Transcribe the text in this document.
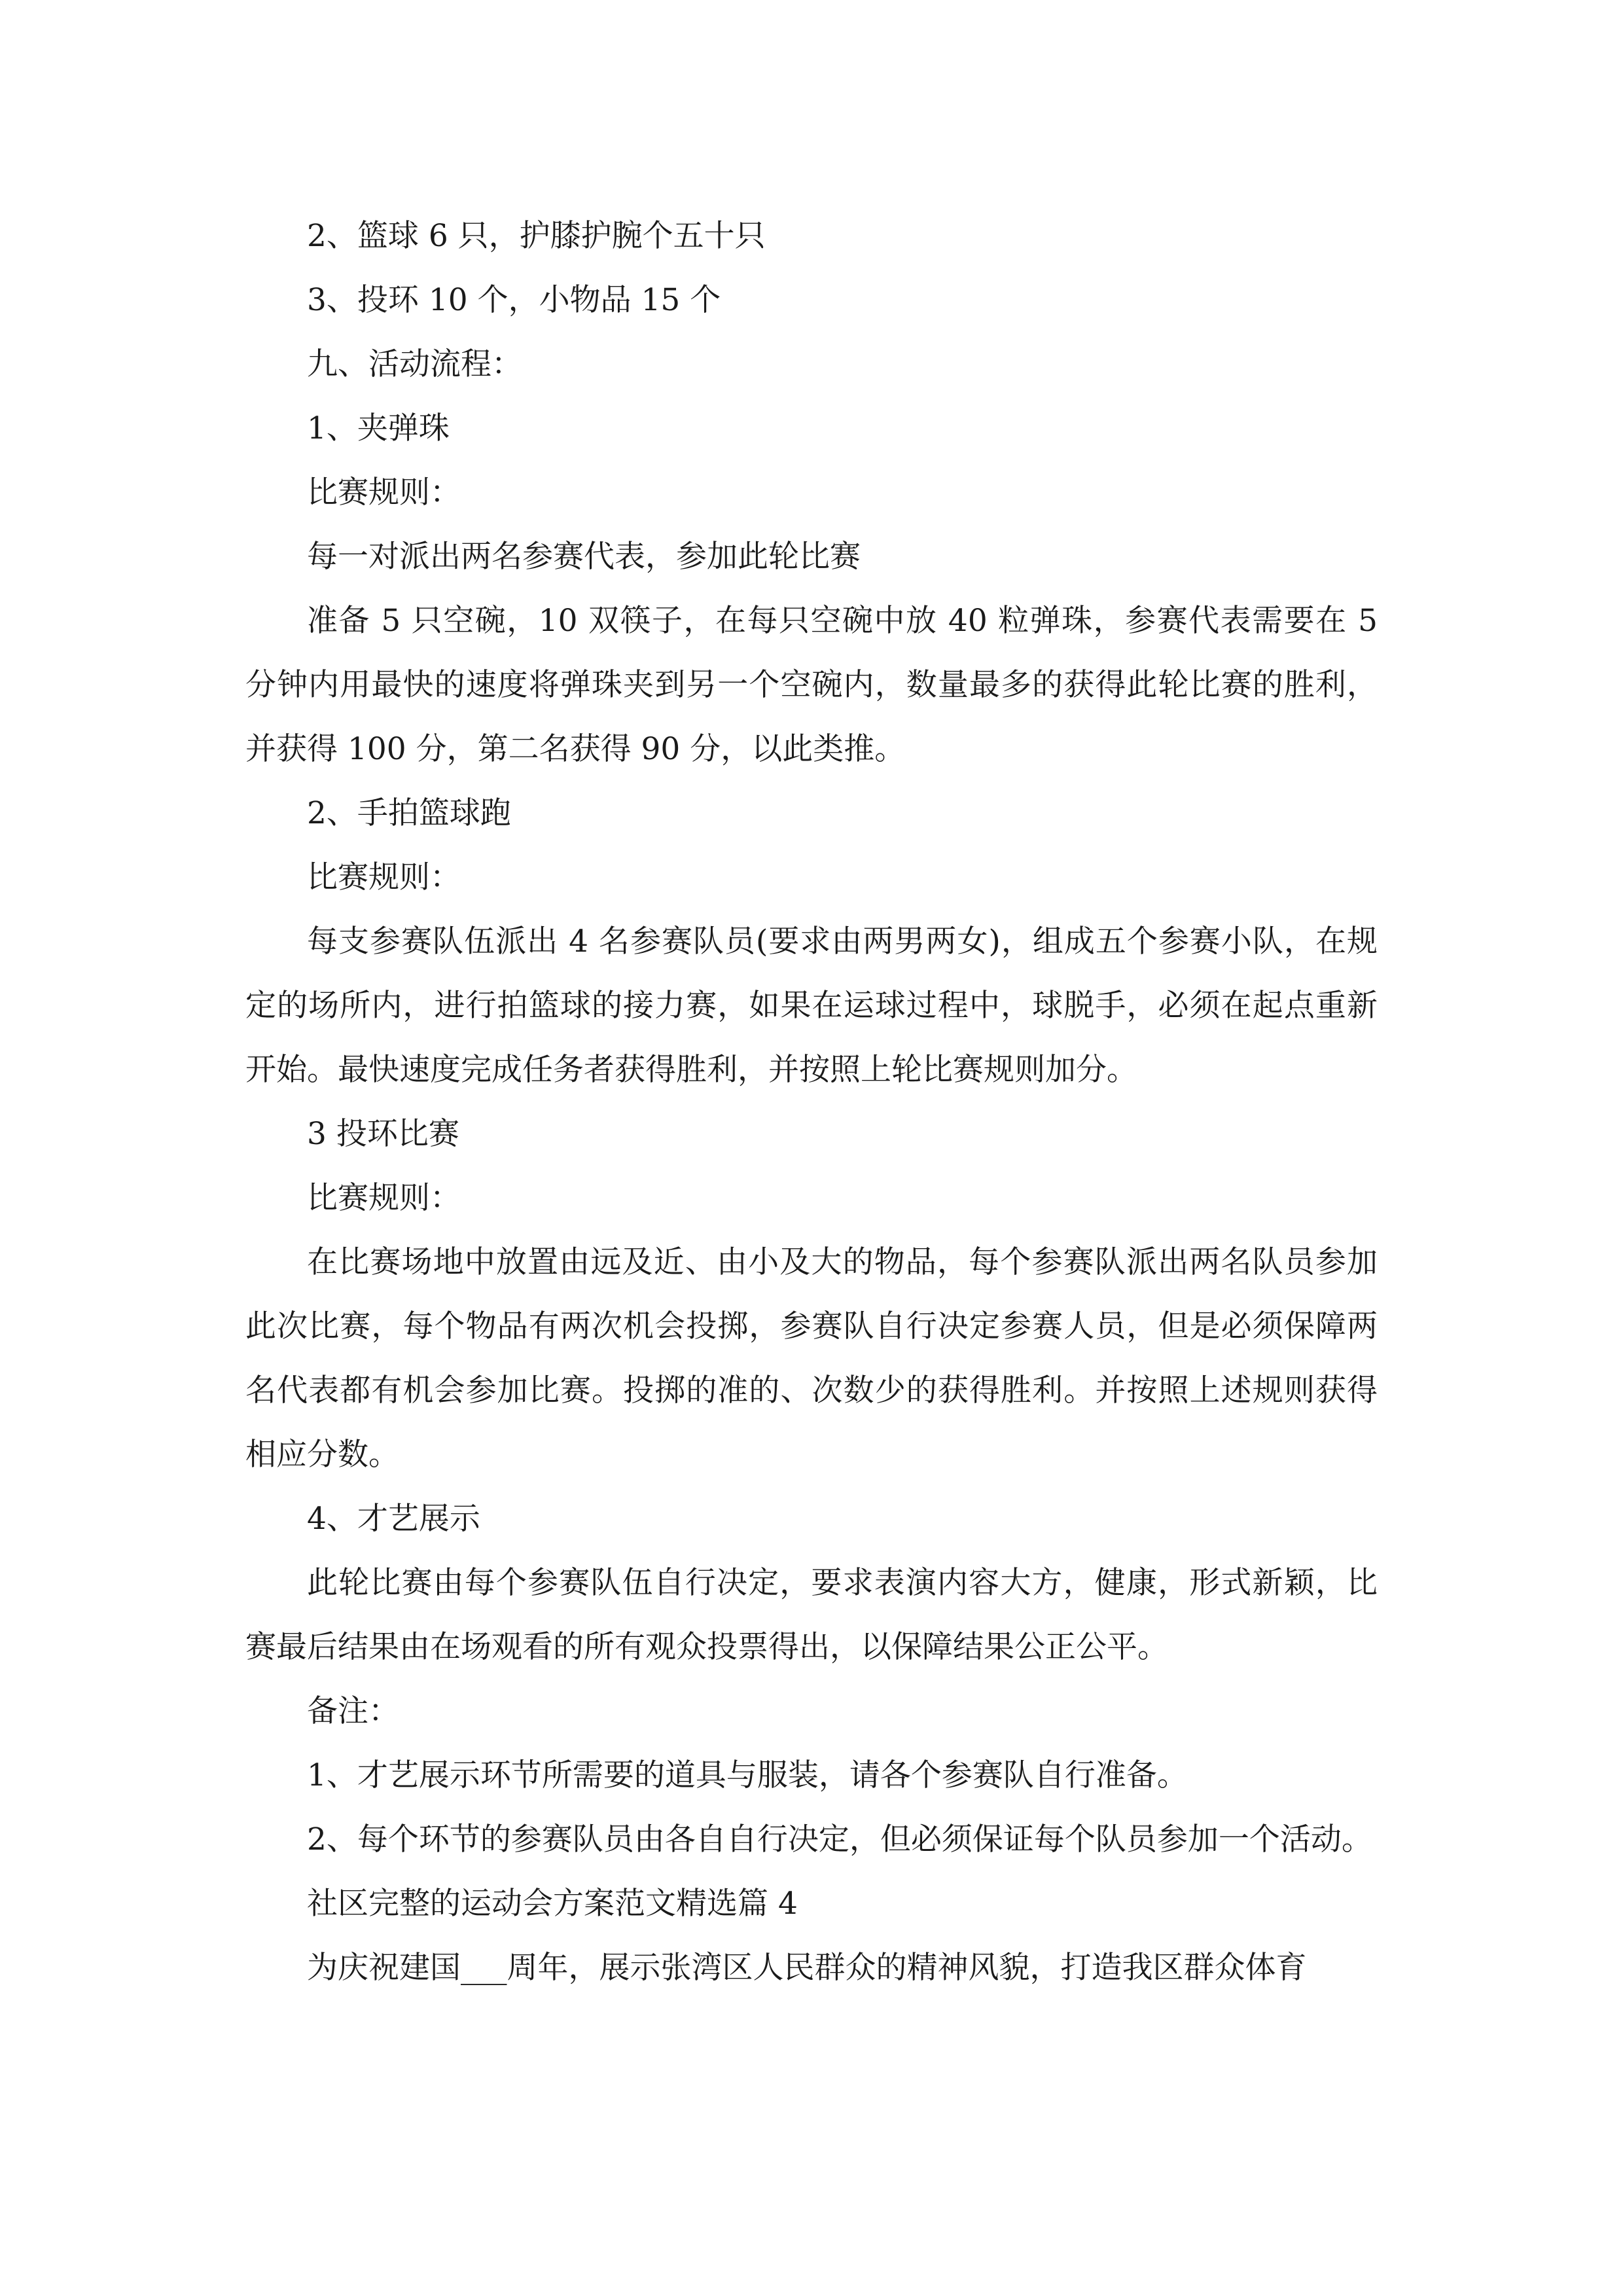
2、篮球 6 只，护膝护腕个五十只

3、投环 10 个，小物品 15 个

九、活动流程：

1、夹弹珠

比赛规则：

每一对派出两名参赛代表，参加此轮比赛

准备 5 只空碗，10 双筷子，在每只空碗中放 40 粒弹珠，参赛代表需要在 5 分钟内用最快的速度将弹珠夹到另一个空碗内，数量最多的获得此轮比赛的胜利，并获得 100 分，第二名获得 90 分，以此类推。

2、手拍篮球跑

比赛规则：

每支参赛队伍派出 4 名参赛队员(要求由两男两女)，组成五个参赛小队，在规定的场所内，进行拍篮球的接力赛，如果在运球过程中，球脱手，必须在起点重新开始。最快速度完成任务者获得胜利，并按照上轮比赛规则加分。

3 投环比赛

比赛规则：

在比赛场地中放置由远及近、由小及大的物品，每个参赛队派出两名队员参加此次比赛，每个物品有两次机会投掷，参赛队自行决定参赛人员，但是必须保障两名代表都有机会参加比赛。投掷的准的、次数少的获得胜利。并按照上述规则获得相应分数。

4、才艺展示

此轮比赛由每个参赛队伍自行决定，要求表演内容大方，健康，形式新颖，比赛最后结果由在场观看的所有观众投票得出，以保障结果公正公平。

备注：

1、才艺展示环节所需要的道具与服装，请各个参赛队自行准备。

2、每个环节的参赛队员由各自自行决定，但必须保证每个队员参加一个活动。

社区完整的运动会方案范文精选篇 4

为庆祝建国___周年，展示张湾区人民群众的精神风貌，打造我区群众体育
